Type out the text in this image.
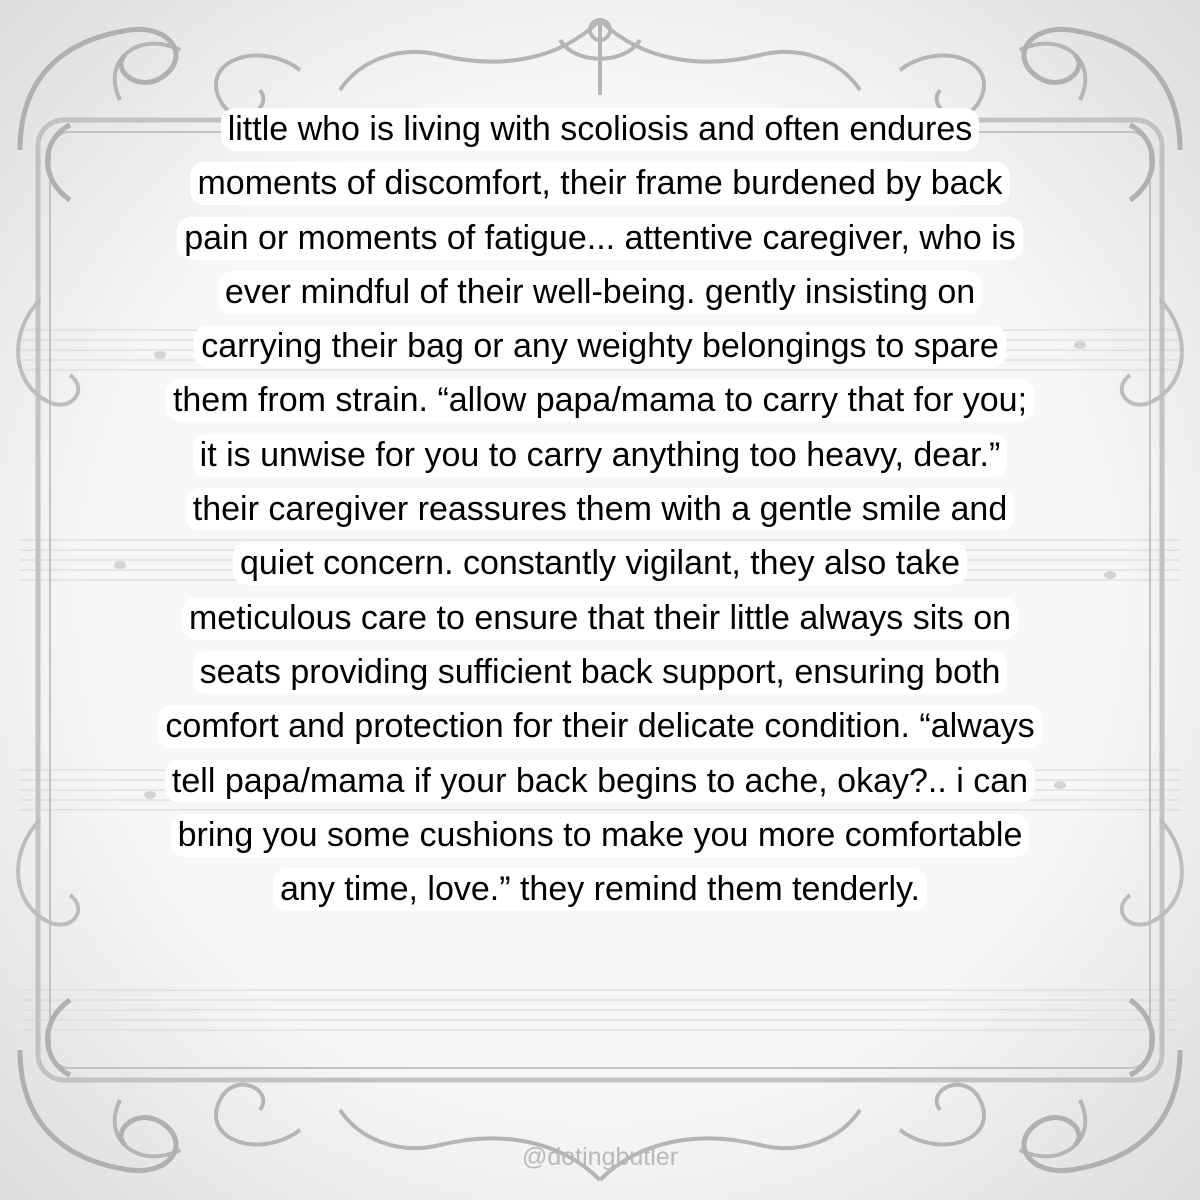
little who is living with scoliosis and often endures
moments of discomfort, their frame burdened by back
pain or moments of fatigue... attentive caregiver, who is
ever mindful of their well-being. gently insisting on
carrying their bag or any weighty belongings to spare
them from strain. “allow papa/mama to carry that for you;
it is unwise for you to carry anything too heavy, dear.”
their caregiver reassures them with a gentle smile and
quiet concern. constantly vigilant, they also take
meticulous care to ensure that their little always sits on
seats providing sufficient back support, ensuring both
comfort and protection for their delicate condition. “always
tell papa/mama if your back begins to ache, okay?.. i can
bring you some cushions to make you more comfortable
any time, love.” they remind them tenderly.
@dotingbutler
